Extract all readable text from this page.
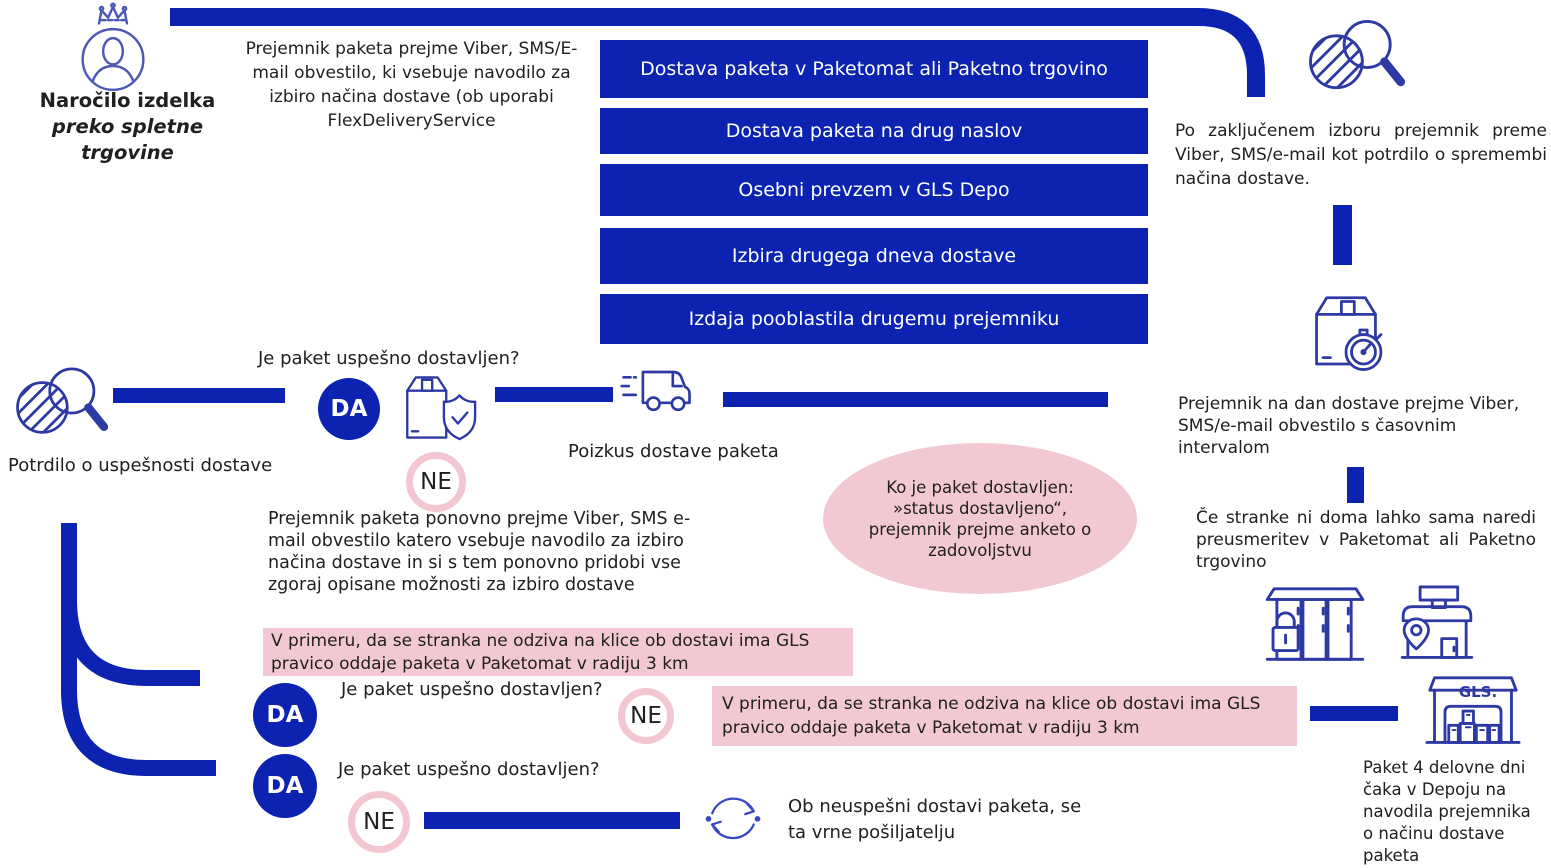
Naročilo izdelka
preko spletne trgovine
Prejemnik paketa prejme Viber, SMS/E-mail obvestilo, ki vsebuje navodilo za izbiro načina dostave (ob uporabi FlexDeliveryService
Dostava paketa v Paketomat ali Paketno trgovino
Dostava paketa na drug naslov
Osebni prevzem v GLS Depo
Izbira drugega dneva dostave
Izdaja pooblastila drugemu prejemniku
Po zaključenem izboru prejemnik preme Viber, SMS/e-mail kot potrdilo o spremembi načina dostave.
Prejemnik na dan dostave prejme Viber, SMS/e-mail obvestilo s časovnim intervalom
Če stranke ni doma lahko sama naredi preusmeritev v Paketomat ali Paketno trgovino
Je paket uspešno dostavljen?
Potrdilo o uspešnosti dostave
DA
NE
Poizkus dostave paketa
Ko je paket dostavljen: »status dostavljeno“, prejemnik prejme anketo o zadovoljstvu
Prejemnik paketa ponovno prejme Viber, SMS e-mail obvestilo katero vsebuje navodilo za izbiro načina dostave in si s tem ponovno pridobi vse zgoraj opisane možnosti za izbiro dostave
V primeru, da se stranka ne odziva na klice ob dostavi ima GLS pravico oddaje paketa v Paketomat v radiju 3 km
Je paket uspešno dostavljen?
DA	NE	V primeru, da se stranka ne odziva na klice ob dostavi ima GLS pravico oddaje paketa v Paketomat v radiju 3 km
GLS.
Paket 4 delovne dni čaka v Depoju na navodila prejemnika o načinu dostave paketa
Je paket uspešno dostavljen?
DA
NE
Ob neuspešni dostavi paketa, se ta vrne pošiljatelju
